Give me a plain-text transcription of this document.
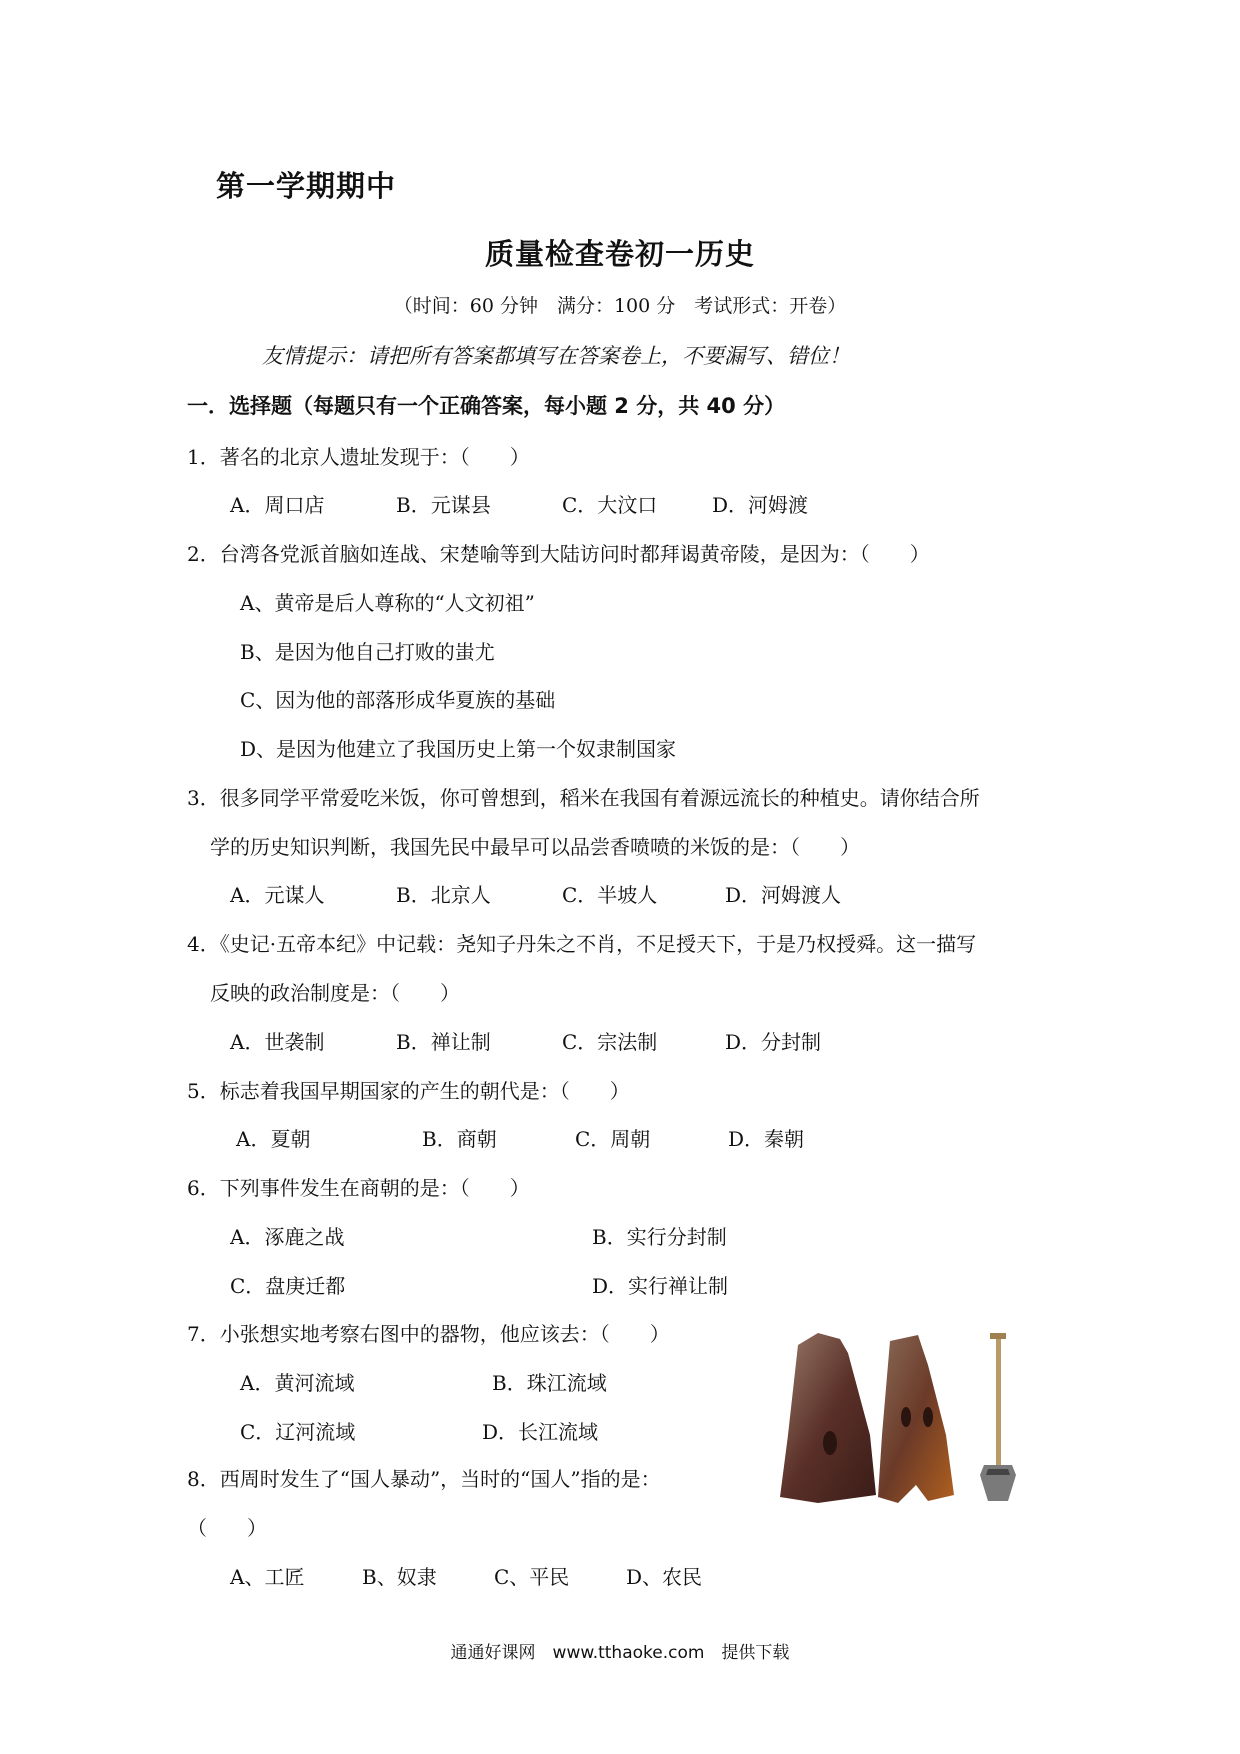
第一学期期中
质量检查卷初一历史
（时间：60 分钟　满分：100 分　考试形式：开卷）
友情提示：请把所有答案都填写在答案卷上，不要漏写、错位！
一．选择题（每题只有一个正确答案，每小题 2 分，共 40 分）
1．著名的北京人遗址发现于：（　　）
A．周口店	B．元谋县	C．大汶口	D．河姆渡
2．台湾各党派首脑如连战、宋楚喻等到大陆访问时都拜谒黄帝陵，是因为：（　　）
A、黄帝是后人尊称的“人文初祖”
B、是因为他自己打败的蚩尤
C、因为他的部落形成华夏族的基础
D、是因为他建立了我国历史上第一个奴隶制国家
3．很多同学平常爱吃米饭，你可曾想到，稻米在我国有着源远流长的种植史。请你结合所
学的历史知识判断，我国先民中最早可以品尝香喷喷的米饭的是：（　　）
A．元谋人	B．北京人	C．半坡人	D．河姆渡人
4．《史记·五帝本纪》中记载：尧知子丹朱之不肖，不足授天下，于是乃权授舜。这一描写
反映的政治制度是：（　　）
A．世袭制	B．禅让制	C．宗法制	D．分封制
5．标志着我国早期国家的产生的朝代是：（　　）
A．夏朝	B．商朝	C．周朝	D．秦朝
6．下列事件发生在商朝的是：（　　）
A．涿鹿之战	B．实行分封制
C．盘庚迁都	D．实行禅让制
7．小张想实地考察右图中的器物，他应该去：（　　）
A．黄河流域	B．珠江流域
C．辽河流域	D．长江流域
8．西周时发生了“国人暴动”，当时的“国人”指的是：
（　　）
A、工匠	B、奴隶	C、平民	D、农民
通通好课网　www.tthaoke.com　提供下载
